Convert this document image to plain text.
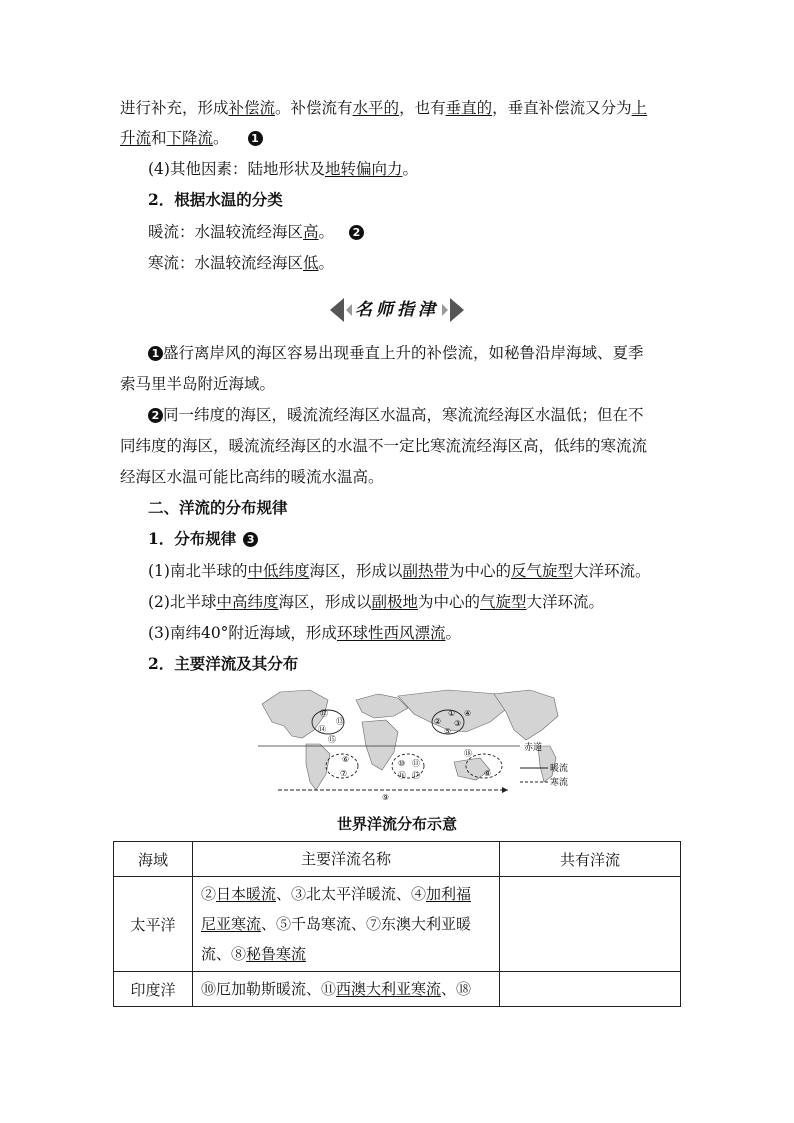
进行补充，形成补偿流。补偿流有水平的，也有垂直的，垂直补偿流又分为上
升流和下降流。 1
(4)其他因素：陆地形状及地转偏向力。
2．根据水温的分类
暖流：水温较流经海区高。 2
寒流：水温较流经海区低。
名师指津
1 盛行离岸风的海区容易出现垂直上升的补偿流，如秘鲁沿岸海域、夏季
索马里半岛附近海域。
2 同一纬度的海区，暖流流经海区水温高，寒流流经海区水温低；但在不
同纬度的海区，暖流流经海区的水温不一定比寒流流经海区高，低纬的寒流流
经海区水温可能比高纬的暖流水温高。
二、洋流的分布规律
1．分布规律 3
(1)南北半球的中低纬度海区，形成以副热带为中心的反气旋型大洋环流。
(2)北半球中高纬度海区，形成以副极地为中心的气旋型大洋环流。
(3)南纬40°附近海域，形成环球性西风漂流。
2．主要洋流及其分布
⑫
⑬
⑭
⑮
①
② ③
④
⑤
⑥
⑦	⑧
⑨
⑩ ⑪
⑯ ⑰
⑱
赤道
暖流
寒流
世界洋流分布示意
海域	主要洋流名称	共有洋流
太平洋	②日本暖流、③北太平洋暖流、④加利福
尼亚寒流、⑤千岛寒流、⑦东澳大利亚暖
流、⑧秘鲁寒流	
印度洋	⑩厄加勒斯暖流、⑪西澳大利亚寒流、⑱	
